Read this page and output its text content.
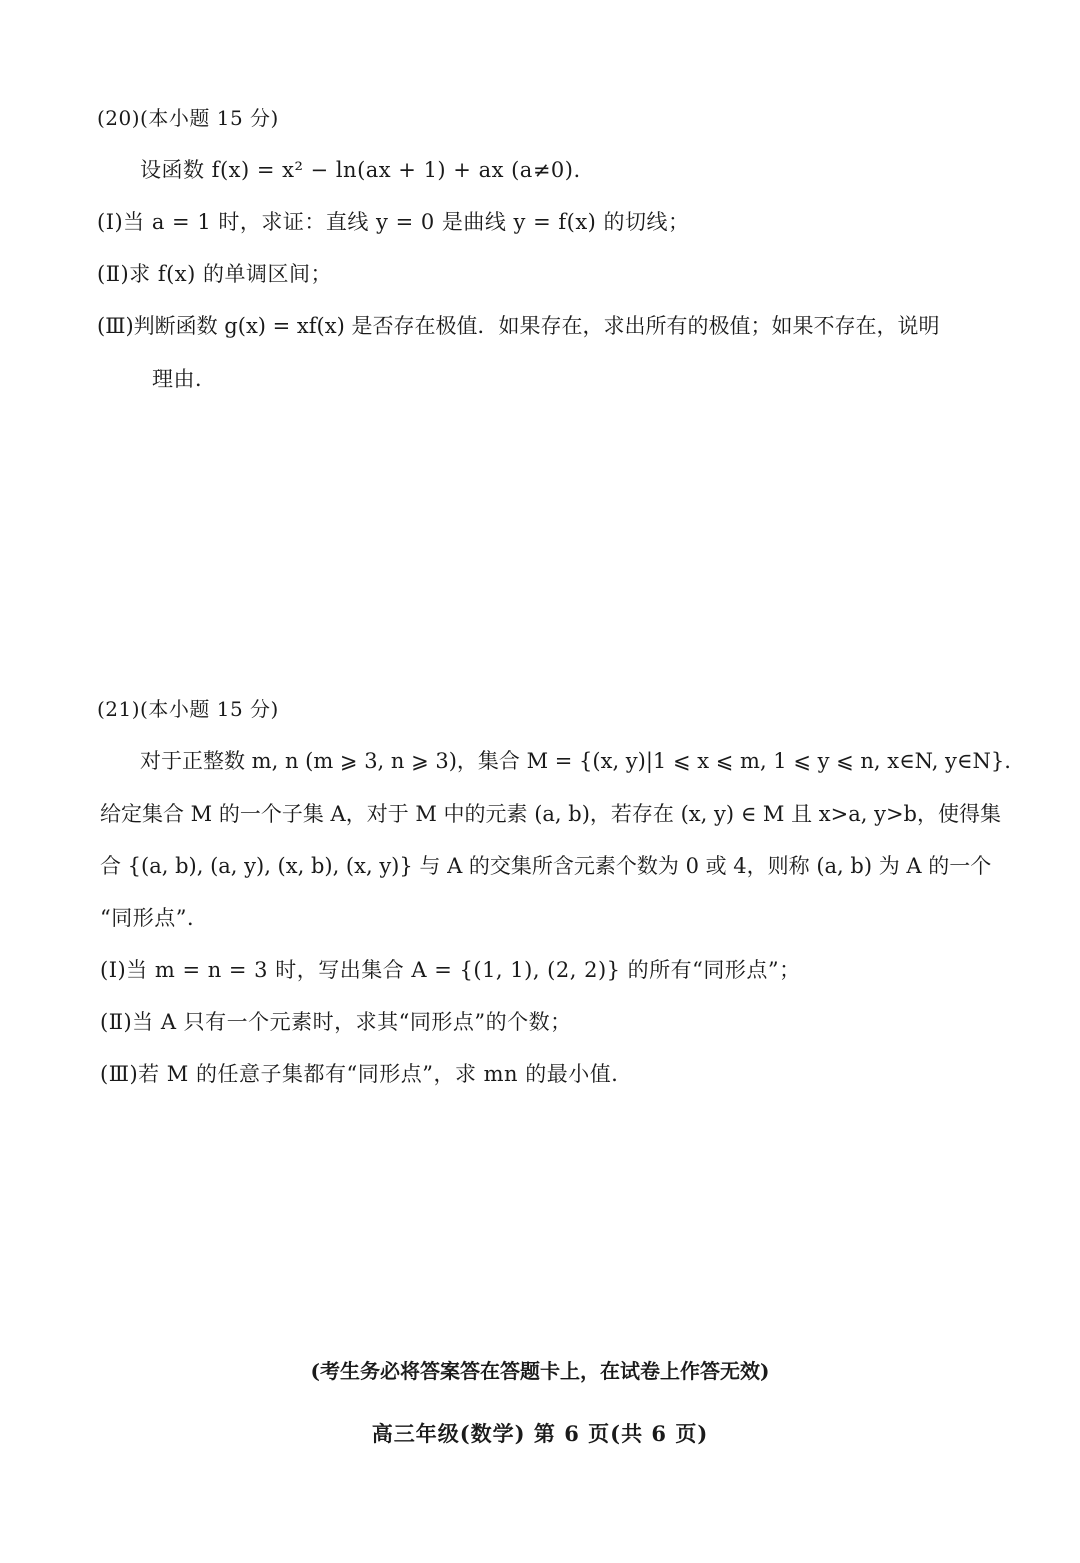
(20)(本小题 15 分)
设函数 f(x) = x² − ln(ax + 1) + ax (a≠0).
(Ⅰ)当 a = 1 时，求证：直线 y = 0 是曲线 y = f(x) 的切线；
(Ⅱ)求 f(x) 的单调区间；
(Ⅲ)判断函数 g(x) = xf(x) 是否存在极值．如果存在，求出所有的极值；如果不存在，说明
理由．
(21)(本小题 15 分)
对于正整数 m, n (m ⩾ 3, n ⩾ 3)，集合 M = {(x, y)|1 ⩽ x ⩽ m, 1 ⩽ y ⩽ n, x∈N, y∈N}.
给定集合 M 的一个子集 A，对于 M 中的元素 (a, b)，若存在 (x, y) ∈ M 且 x>a, y>b，使得集
合 {(a, b), (a, y), (x, b), (x, y)} 与 A 的交集所含元素个数为 0 或 4，则称 (a, b) 为 A 的一个
“同形点”．
(Ⅰ)当 m = n = 3 时，写出集合 A = {(1, 1), (2, 2)} 的所有“同形点”；
(Ⅱ)当 A 只有一个元素时，求其“同形点”的个数；
(Ⅲ)若 M 的任意子集都有“同形点”，求 mn 的最小值．
(考生务必将答案答在答题卡上，在试卷上作答无效)
高三年级(数学) 第 6 页(共 6 页)
